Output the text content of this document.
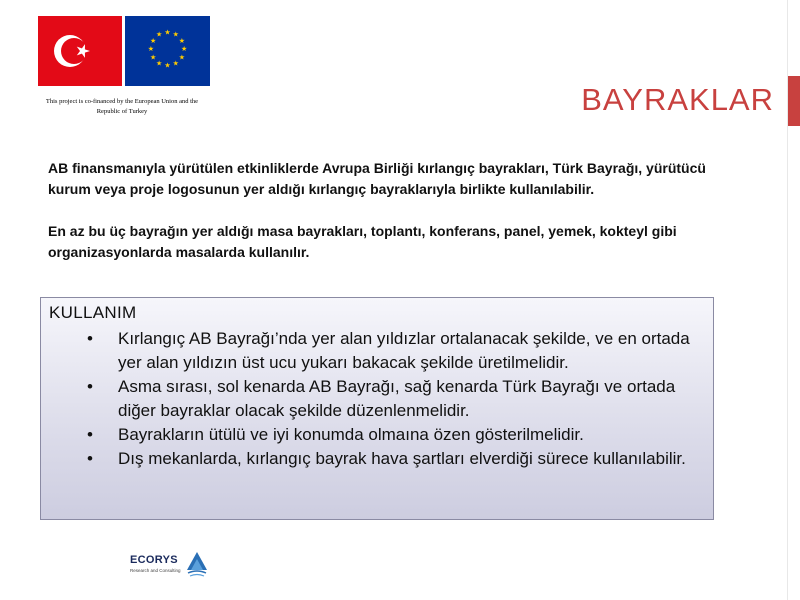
★ ★
★
★
★
★
★
★
★
★
★
★
This project is co-financed by the European Union and the
Republic of Turkey	BAYRAKLAR

AB finansmanıyla yürütülen etkinliklerde Avrupa Birliği kırlangıç bayrakları, Türk Bayrağı, yürütücü kurum veya proje logosunun yer aldığı kırlangıç bayraklarıyla birlikte kullanılabilir.

En az bu üç bayrağın yer aldığı masa bayrakları, toplantı, konferans, panel, yemek, kokteyl gibi organizasyonlarda masalarda kullanılır.

KULLANIM
• Kırlangıç AB Bayrağı’nda yer alan yıldızlar ortalanacak şekilde, ve en ortada yer alan yıldızın üst ucu yukarı bakacak şekilde üretilmelidir.
• Asma sırası, sol kenarda AB Bayrağı, sağ kenarda Türk Bayrağı ve ortada diğer bayraklar olacak şekilde düzenlenmelidir.
• Bayrakların ütülü ve iyi konumda olmaına özen gösterilmelidir.
• Dış mekanlarda, kırlangıç bayrak hava şartları elverdiği sürece kullanılabilir.
ECORYS
Research and Consulting
